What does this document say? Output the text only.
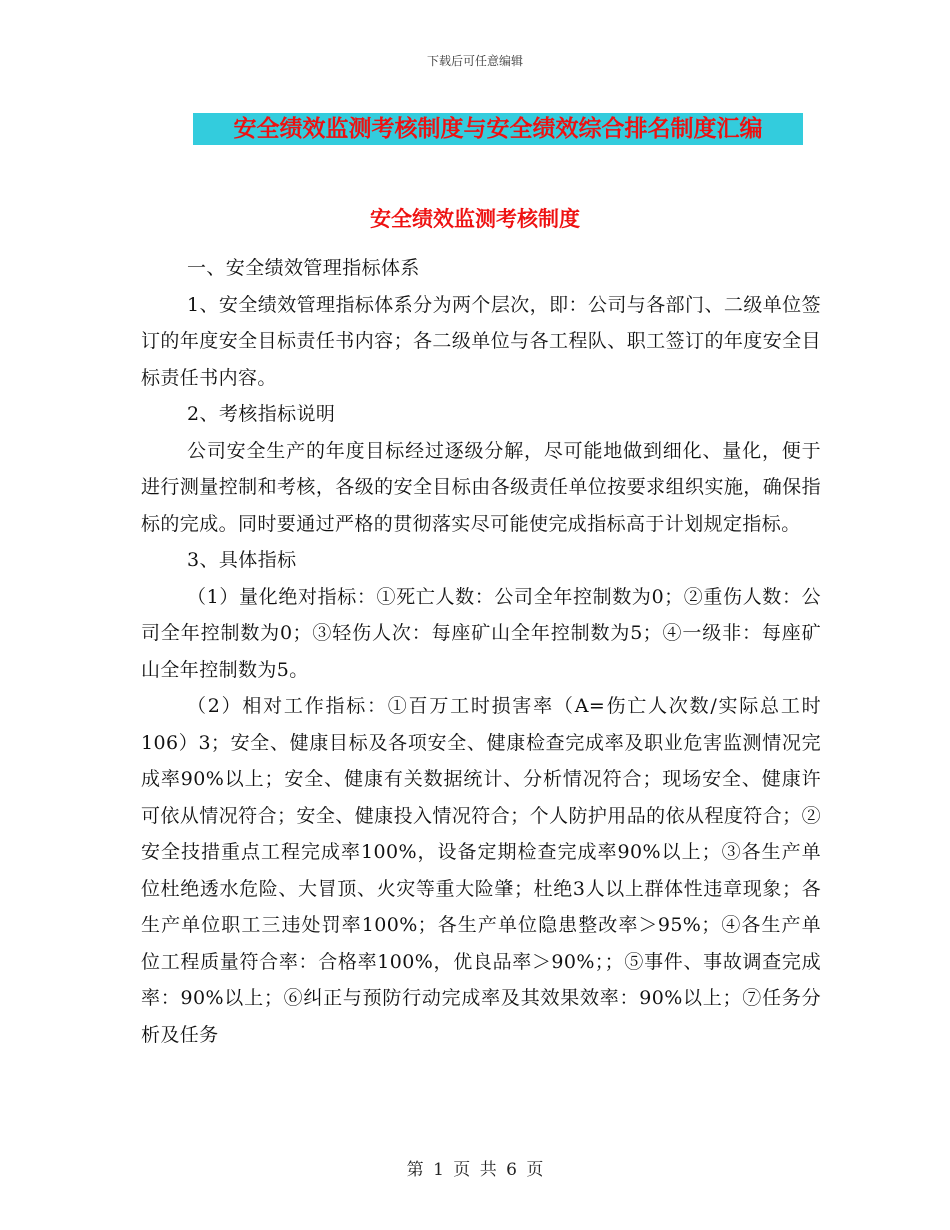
下载后可任意编辑
安全绩效监测考核制度与安全绩效综合排名制度汇编
安全绩效监测考核制度

一、安全绩效管理指标体系

1、安全绩效管理指标体系分为两个层次，即：公司与各部门、二级单位签订的年度安全目标责任书内容；各二级单位与各工程队、职工签订的年度安全目标责任书内容。

2、考核指标说明

公司安全生产的年度目标经过逐级分解，尽可能地做到细化、量化，便于进行测量控制和考核，各级的安全目标由各级责任单位按要求组织实施，确保指标的完成。同时要通过严格的贯彻落实尽可能使完成指标高于计划规定指标。

3、具体指标

（1）量化绝对指标：①死亡人数：公司全年控制数为0；②重伤人数：公司全年控制数为0；③轻伤人次：每座矿山全年控制数为5；④一级非：每座矿山全年控制数为5。

（2）相对工作指标：①百万工时损害率（A=伤亡人次数/实际总工时106）3；安全、健康目标及各项安全、健康检查完成率及职业危害监测情况完成率90%以上；安全、健康有关数据统计、分析情况符合；现场安全、健康许可依从情况符合；安全、健康投入情况符合；个人防护用品的依从程度符合；②安全技措重点工程完成率100%，设备定期检查完成率90%以上；③各生产单位杜绝透水危险、大冒顶、火灾等重大险肇；杜绝3人以上群体性违章现象；各生产单位职工三违处罚率100%；各生产单位隐患整改率＞95%；④各生产单位工程质量符合率：合格率100%，优良品率＞90%；；⑤事件、事故调查完成率：90%以上；⑥纠正与预防行动完成率及其效果效率：90%以上；⑦任务分析及任务

第 1 页 共 6 页
